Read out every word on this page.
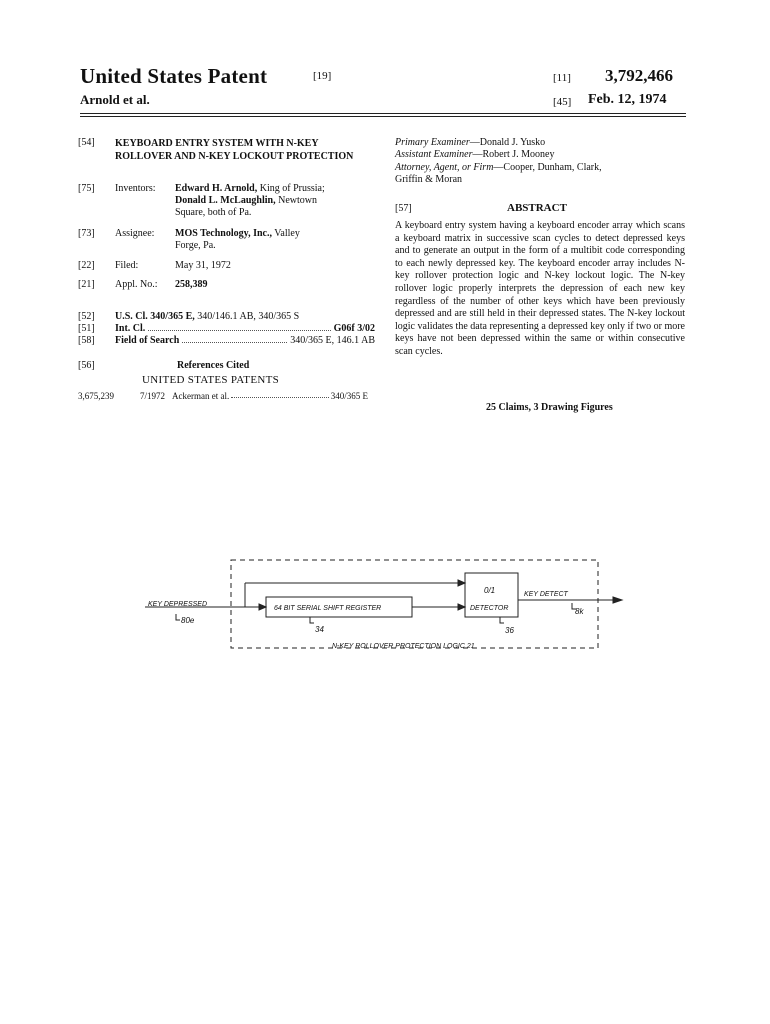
United States Patent	[19]
Arnold et al.
[11] 3,792,466
[45] Feb. 12, 1974
[54] KEYBOARD ENTRY SYSTEM WITH N-KEY ROLLOVER AND N-KEY LOCKOUT PROTECTION
[75] Inventors: Edward H. Arnold, King of Prussia;
Donald L. McLaughlin, Newtown
Square, both of Pa.
[73] Assignee: MOS Technology, Inc., Valley
Forge, Pa.
[22] Filed:	May 31, 1972
[21] Appl. No.: 258,389
[52] U.S. Cl. 340/365 E, 340/146.1 AB, 340/365 S
[51] Int. Cl.	G06f 3/02
[58] Field of Search	340/365 E, 146.1 AB
[56]	References Cited
UNITED STATES PATENTS
3,675,239	7/1972 Ackerman et al.	340/365 E
Primary Examiner—Donald J. Yusko
Assistant Examiner—Robert J. Mooney
Attorney, Agent, or Firm—Cooper, Dunham, Clark,
Griffin & Moran
[57]	ABSTRACT
A keyboard entry system having a keyboard encoder array which scans a keyboard matrix in successive scan cycles to detect depressed keys and to generate an output in the form of a multibit code corresponding to each newly depressed key. The keyboard encoder array includes N-key rollover protection logic and N-key lockout logic. The N-key rollover logic properly interprets the depression of each new key regardless of the number of other keys which have been previously depressed and are still held in their depressed states. The N-key lockout logic validates the data representing a depressed key only if two or more keys have not been depressed within the same or within consecutive scan cycles.
25 Claims, 3 Drawing Figures
KEY DEPRESSED
80e
64 BIT SERIAL SHIFT REGISTER
34
0/1
DETECTOR
36
KEY DETECT
8k
N-KEY ROLLOVER PROTECTION LOGIC 21
